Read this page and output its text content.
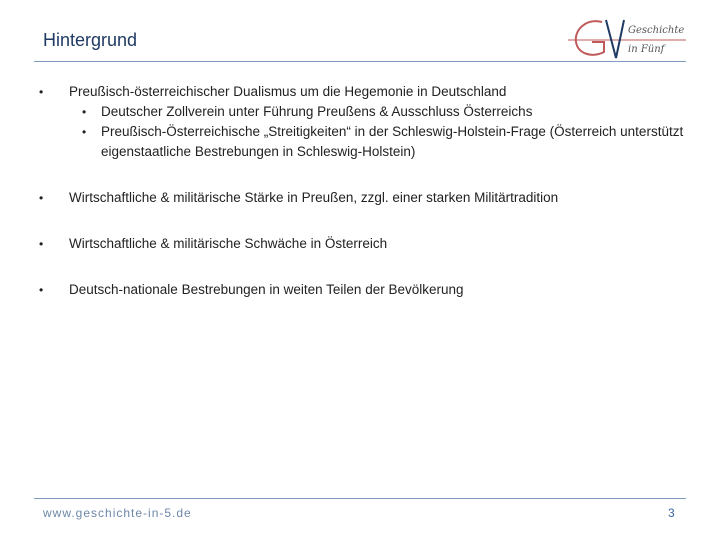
Hintergrund	Geschichte
in Fünf
• Preußisch-österreichischer Dualismus um die Hegemonie in Deutschland
• Deutscher Zollverein unter Führung Preußens & Ausschluss Österreichs
• Preußisch-Österreichische „Streitigkeiten“ in der Schleswig-Holstein-Frage (Österreich unterstützt eigenstaatliche Bestrebungen in Schleswig-Holstein)
• Wirtschaftliche & militärische Stärke in Preußen, zzgl. einer starken Militärtradition
• Wirtschaftliche & militärische Schwäche in Österreich
• Deutsch-nationale Bestrebungen in weiten Teilen der Bevölkerung
www.geschichte-in-5.de	3
